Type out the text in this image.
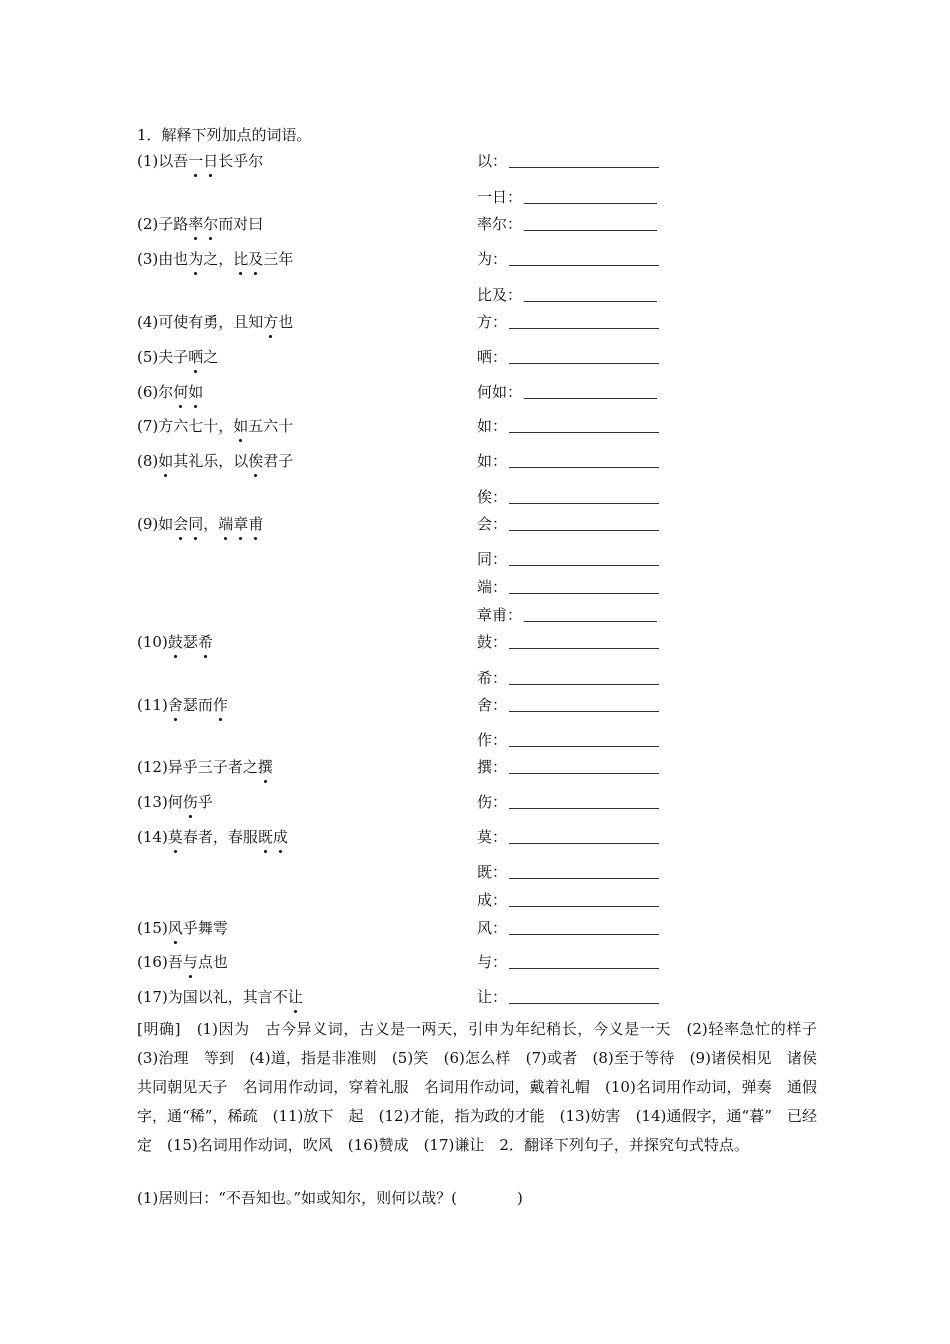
1．解释下列加点的词语。
(1)以吾一日长乎尔	以：
一日：
(2)子路率尔而对曰	率尔：
(3)由也为之，比及三年	为：
比及：
(4)可使有勇，且知方也	方：
(5)夫子哂之	哂：
(6)尔何如	何如：
(7)方六七十，如五六十	如：
(8)如其礼乐，以俟君子	如：
俟：
(9)如会同，端章甫	会：
同：
端：
章甫：
(10)鼓瑟希	鼓：
希：
(11)舍瑟而作	舍：
作：
(12)异乎三子者之撰	撰：
(13)何伤乎	伤：
(14)莫春者，春服既成	莫：
既：
成：
(15)风乎舞雩	风：
(16)吾与点也	与：
(17)为国以礼，其言不让	让：
[明确]　(1)因为　古今异义词，古义是一两天，引申为年纪稍长，今义是一天　(2)轻率急忙的样子　(3)治理　等到　(4)道，指是非准则　(5)笑　(6)怎么样　(7)或者　(8)至于等待　(9)诸侯相见　诸侯共同朝见天子　名词用作动词，穿着礼服　名词用作动词，戴着礼帽　(10)名词用作动词，弹奏　通假字，通“稀”，稀疏　(11)放下　起　(12)才能，指为政的才能　(13)妨害　(14)通假字，通“暮”　已经　定　(15)名词用作动词，吹风　(16)赞成　(17)谦让　2．翻译下列句子，并探究句式特点。
(1)居则曰：“不吾知也。”如或知尔，则何以哉？(　　　　)
